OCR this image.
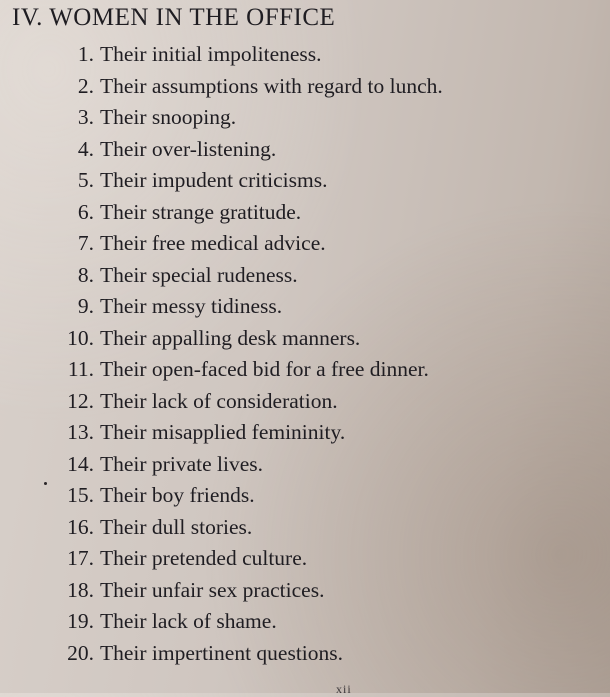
IV. WOMEN IN THE OFFICE
1. Their initial impoliteness.
2. Their assumptions with regard to lunch.
3. Their snooping.
4. Their over-listening.
5. Their impudent criticisms.
6. Their strange gratitude.
7. Their free medical advice.
8. Their special rudeness.
9. Their messy tidiness.
10. Their appalling desk manners.
11. Their open-faced bid for a free dinner.
12. Their lack of consideration.
13. Their misapplied femininity.
14. Their private lives.
15. Their boy friends.
16. Their dull stories.
17. Their pretended culture.
18. Their unfair sex practices.
19. Their lack of shame.
20. Their impertinent questions.
xii
